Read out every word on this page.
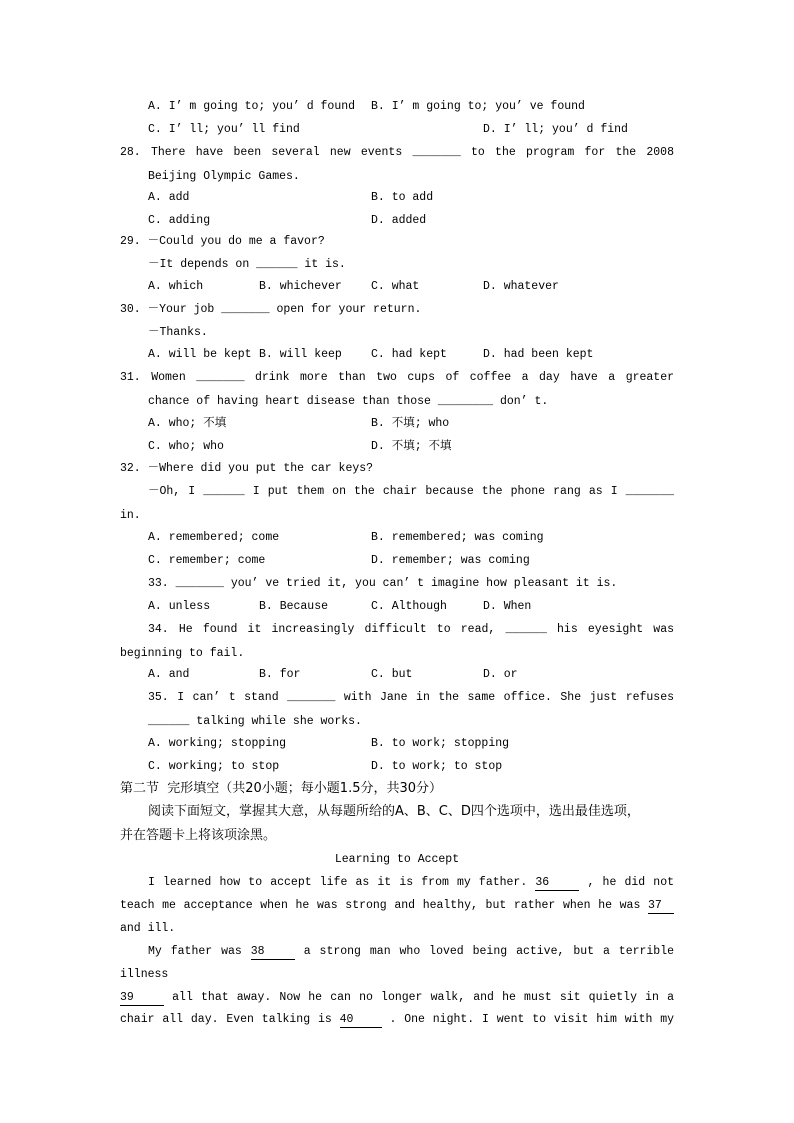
A. I’ m going to; you’ d found B. I’ m going to; you’ ve found
C. I’ ll; you’ ll find	D. I’ ll; you’ d find
28. There have been several new events _______ to the program for the 2008
Beijing Olympic Games.
A. add	B. to add
C. adding	D. added
29. －Could you do me a favor?
－It depends on ______ it is.
A. which	B. whichever	C. what	D. whatever
30. －Your job _______ open for your return.
－Thanks.
A. will be kept B. will keep	C. had kept	D. had been kept
31. Women _______ drink more than two cups of coffee a day have a greater
chance of having heart disease than those ________ don’ t.
A. who; 不填	B. 不填; who
C. who; who	D. 不填; 不填
32. －Where did you put the car keys?
－Oh, I ______ I put them on the chair because the phone rang as I _______
in.
A. remembered; come	B. remembered; was coming
C. remember; come	D. remember; was coming
33. _______ you’ ve tried it, you can’ t imagine how pleasant it is.
A. unless	B. Because	C. Although	D. When
34. He found it increasingly difficult to read, ______ his eyesight was
beginning to fail.
A. and	B. for	C. but	D. or
35. I can’ t stand _______ with Jane in the same office. She just refuses
______ talking while she works.
A. working; stopping	B. to work; stopping
C. working; to stop	D. to work; to stop
第二节  完形填空（共20小题；每小题1.5分，共30分）
阅读下面短文，掌握其大意，从每题所给的A、B、C、D四个选项中，选出最佳选项，
并在答题卡上将该项涂黑。
Learning to Accept
I learned how to accept life as it is from my father. 36	, he did not
teach me acceptance when he was strong and healthy, but rather when he was 37
and ill.
My father was 38	a strong man who loved being active, but a terrible
illness
39	all that away. Now he can no longer walk, and he must sit quietly in a
chair all day. Even talking is 40	. One night. I went to visit him with my
